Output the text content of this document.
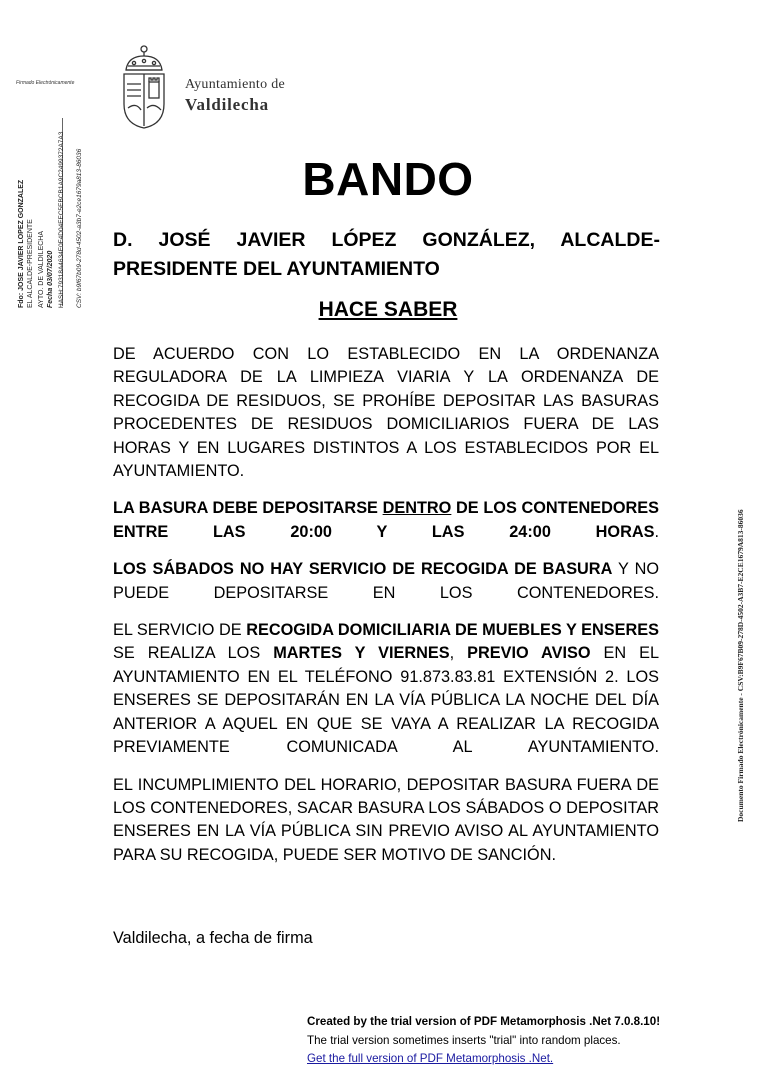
Ayuntamiento de
Valdilecha
Firmado Electrónicamente
Fdo: JOSE JAVIER LOPEZ GONZALEZ EL ALCALDE-PRESIDENTE AYTO. DE VALDILECHA Fecha 03/07/2020 HASH:79318A4634E0F4D04EEC5EBCB1A9C2499372A7A3 CSV: b9f67b09-278d-4502-a3b7-e2ce1679a813-86036
Documento Firmado Electrónicamente - CSV:B9F67B09-278D-4502-A3B7-E2CE1679A813-86036
BANDO
D. JOSÉ JAVIER LÓPEZ GONZÁLEZ, ALCALDE-PRESIDENTE DEL AYUNTAMIENTO
HACE SABER

DE ACUERDO CON LO ESTABLECIDO EN LA ORDENANZA REGULADORA DE LA LIMPIEZA VIARIA Y LA ORDENANZA DE RECOGIDA DE RESIDUOS, SE PROHÍBE DEPOSITAR LAS BASURAS PROCEDENTES DE RESIDUOS DOMICILIARIOS FUERA DE LAS HORAS Y EN LUGARES DISTINTOS A LOS ESTABLECIDOS POR EL AYUNTAMIENTO.

LA BASURA DEBE DEPOSITARSE DENTRO DE LOS CONTENEDORES ENTRE LAS 20:00 Y LAS 24:00 HORAS.

LOS SÁBADOS NO HAY SERVICIO DE RECOGIDA DE BASURA Y NO PUEDE DEPOSITARSE EN LOS CONTENEDORES.

EL SERVICIO DE RECOGIDA DOMICILIARIA DE MUEBLES Y ENSERES SE REALIZA LOS MARTES Y VIERNES, PREVIO AVISO EN EL AYUNTAMIENTO EN EL TELÉFONO 91.873.83.81 EXTENSIÓN 2. LOS ENSERES SE DEPOSITARÁN EN LA VÍA PÚBLICA LA NOCHE DEL DÍA ANTERIOR A AQUEL EN QUE SE VAYA A REALIZAR LA RECOGIDA PREVIAMENTE COMUNICADA AL AYUNTAMIENTO.

EL INCUMPLIMIENTO DEL HORARIO, DEPOSITAR BASURA FUERA DE LOS CONTENEDORES, SACAR BASURA LOS SÁBADOS O DEPOSITAR ENSERES EN LA VÍA PÚBLICA SIN PREVIO AVISO AL AYUNTAMIENTO PARA SU RECOGIDA, PUEDE SER MOTIVO DE SANCIÓN.

Valdilecha, a fecha de firma
Created by the trial version of PDF Metamorphosis .Net 7.0.8.10!
The trial version sometimes inserts "trial" into random places.
Get the full version of PDF Metamorphosis .Net.
